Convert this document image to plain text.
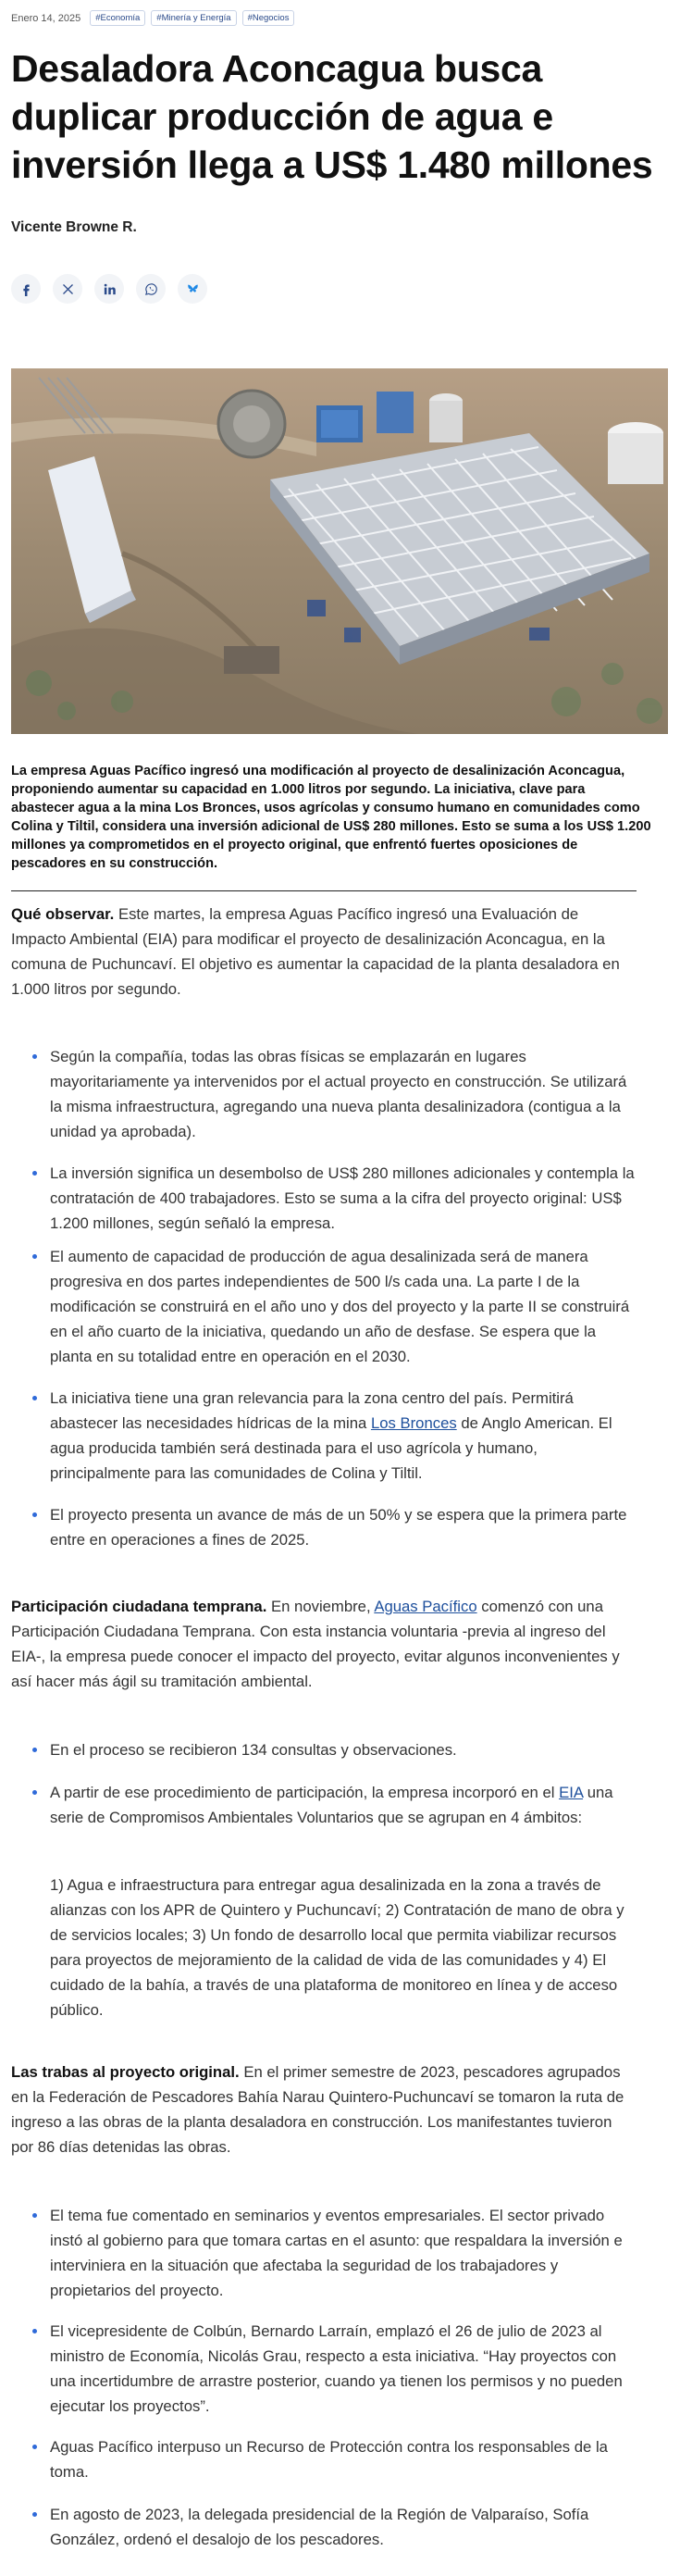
Enero 14, 2025	#Economía	#Minería y Energía	#Negocios
Desaladora Aconcagua busca duplicar producción de agua e inversión llega a US$ 1.480 millones

Vicente Browne R.

La empresa Aguas Pacífico ingresó una modificación al proyecto de desalinización Aconcagua, proponiendo aumentar su capacidad en 1.000 litros por segundo. La iniciativa, clave para abastecer agua a la mina Los Bronces, usos agrícolas y consumo humano en comunidades como Colina y Tiltil, considera una inversión adicional de US$ 280 millones. Esto se suma a los US$ 1.200 millones ya comprometidos en el proyecto original, que enfrentó fuertes oposiciones de pescadores en su construcción.

Qué observar. Este martes, la empresa Aguas Pacífico ingresó una Evaluación de Impacto Ambiental (EIA) para modificar el proyecto de desalinización Aconcagua, en la comuna de Puchuncaví. El objetivo es aumentar la capacidad de la planta desaladora en 1.000 litros por segundo.

Según la compañía, todas las obras físicas se emplazarán en lugares mayoritariamente ya intervenidos por el actual proyecto en construcción. Se utilizará la misma infraestructura, agregando una nueva planta desalinizadora (contigua a la unidad ya aprobada).
La inversión significa un desembolso de US$ 280 millones adicionales y contempla la contratación de 400 trabajadores. Esto se suma a la cifra del proyecto original: US$ 1.200 millones, según señaló la empresa.
El aumento de capacidad de producción de agua desalinizada será de manera progresiva en dos partes independientes de 500 l/s cada una. La parte I de la modificación se construirá en el año uno y dos del proyecto y la parte II se construirá en el año cuarto de la iniciativa, quedando un año de desfase. Se espera que la planta en su totalidad entre en operación en el 2030.
La iniciativa tiene una gran relevancia para la zona centro del país. Permitirá abastecer las necesidades hídricas de la mina Los Bronces de Anglo American. El agua producida también será destinada para el uso agrícola y humano, principalmente para las comunidades de Colina y Tiltil.
El proyecto presenta un avance de más de un 50% y se espera que la primera parte entre en operaciones a fines de 2025.

Participación ciudadana temprana. En noviembre, Aguas Pacífico comenzó con una Participación Ciudadana Temprana. Con esta instancia voluntaria -previa al ingreso del EIA-, la empresa puede conocer el impacto del proyecto, evitar algunos inconvenientes y así hacer más ágil su tramitación ambiental.

En el proceso se recibieron 134 consultas y observaciones.
A partir de ese procedimiento de participación, la empresa incorporó en el EIA una serie de Compromisos Ambientales Voluntarios que se agrupan en 4 ámbitos:
1) Agua e infraestructura para entregar agua desalinizada en la zona a través de alianzas con los APR de Quintero y Puchuncaví; 2) Contratación de mano de obra y de servicios locales; 3) Un fondo de desarrollo local que permita viabilizar recursos para proyectos de mejoramiento de la calidad de vida de las comunidades y 4) El cuidado de la bahía, a través de una plataforma de monitoreo en línea y de acceso público.

Las trabas al proyecto original. En el primer semestre de 2023, pescadores agrupados en la Federación de Pescadores Bahía Narau Quintero-Puchuncaví se tomaron la ruta de ingreso a las obras de la planta desaladora en construcción. Los manifestantes tuvieron por 86 días detenidas las obras.

El tema fue comentado en seminarios y eventos empresariales. El sector privado instó al gobierno para que tomara cartas en el asunto: que respaldara la inversión e interviniera en la situación que afectaba la seguridad de los trabajadores y propietarios del proyecto.
El vicepresidente de Colbún, Bernardo Larraín, emplazó el 26 de julio de 2023 al ministro de Economía, Nicolás Grau, respecto a esta iniciativa. “Hay proyectos con una incertidumbre de arrastre posterior, cuando ya tienen los permisos y no pueden ejecutar los proyectos”.
Aguas Pacífico interpuso un Recurso de Protección contra los responsables de la toma.
En agosto de 2023, la delegada presidencial de la Región de Valparaíso, Sofía González, ordenó el desalojo de los pescadores.
